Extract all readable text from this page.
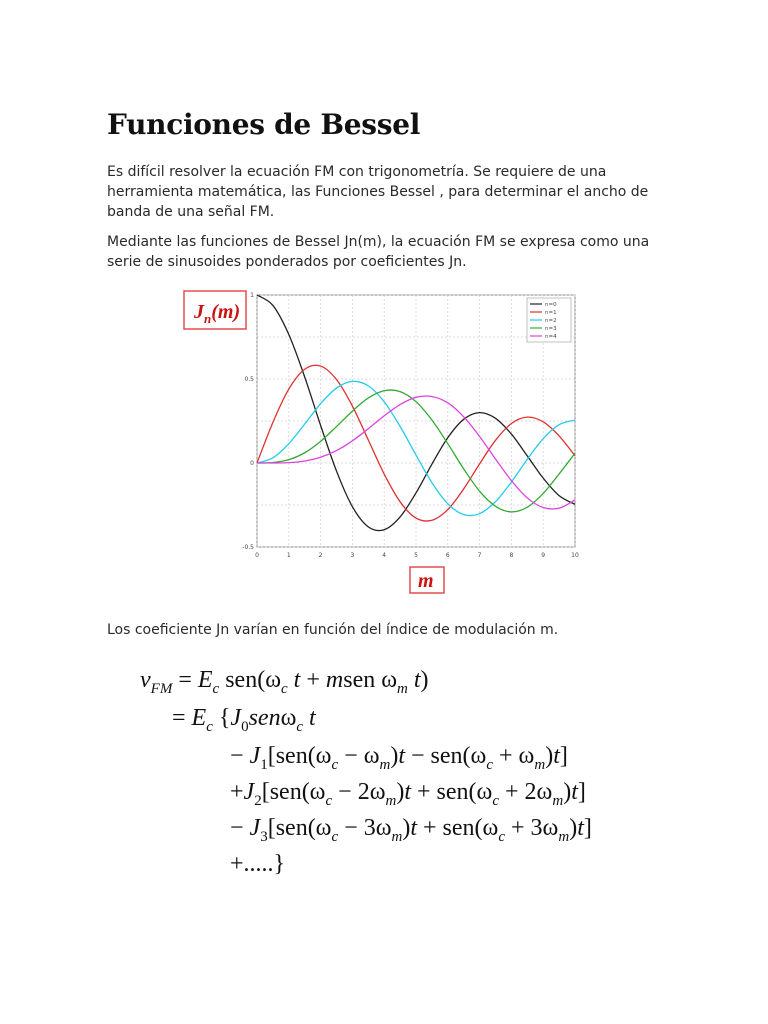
Funciones de Bessel

Es difícil resolver la ecuación FM con trigonometría. Se requiere de una herramienta matemática, las Funciones Bessel , para determinar el ancho de banda de una señal FM.

Mediante las funciones de Bessel Jn(m), la ecuación FM se expresa como una serie de sinusoides ponderados por coeficientes Jn.

$J_n(m)$
0	1	2	3	4	5	6	7	8	9	10
-0.5
0
0.5
1
n=0
n=1
n=2
n=3
n=4
m

Los coeficiente Jn varían en función del índice de modulación m.

$v_{FM} = E_c$ $sen(\omega_c$ t + msen $\omega_m$ t)
= $E_c$ {$J_0sen\omega_c$ t
− $J_1[sen(\omega_c - \omega_m)t - sen(\omega_c + \omega_m)t]$
$+J_2[sen(\omega_c - 2\omega_m)t + sen(\omega_c + 2\omega_m)t]$
− $J_3[sen(\omega_c - 3\omega_m)t + sen(\omega_c + 3\omega_m)t]$
+.....}
